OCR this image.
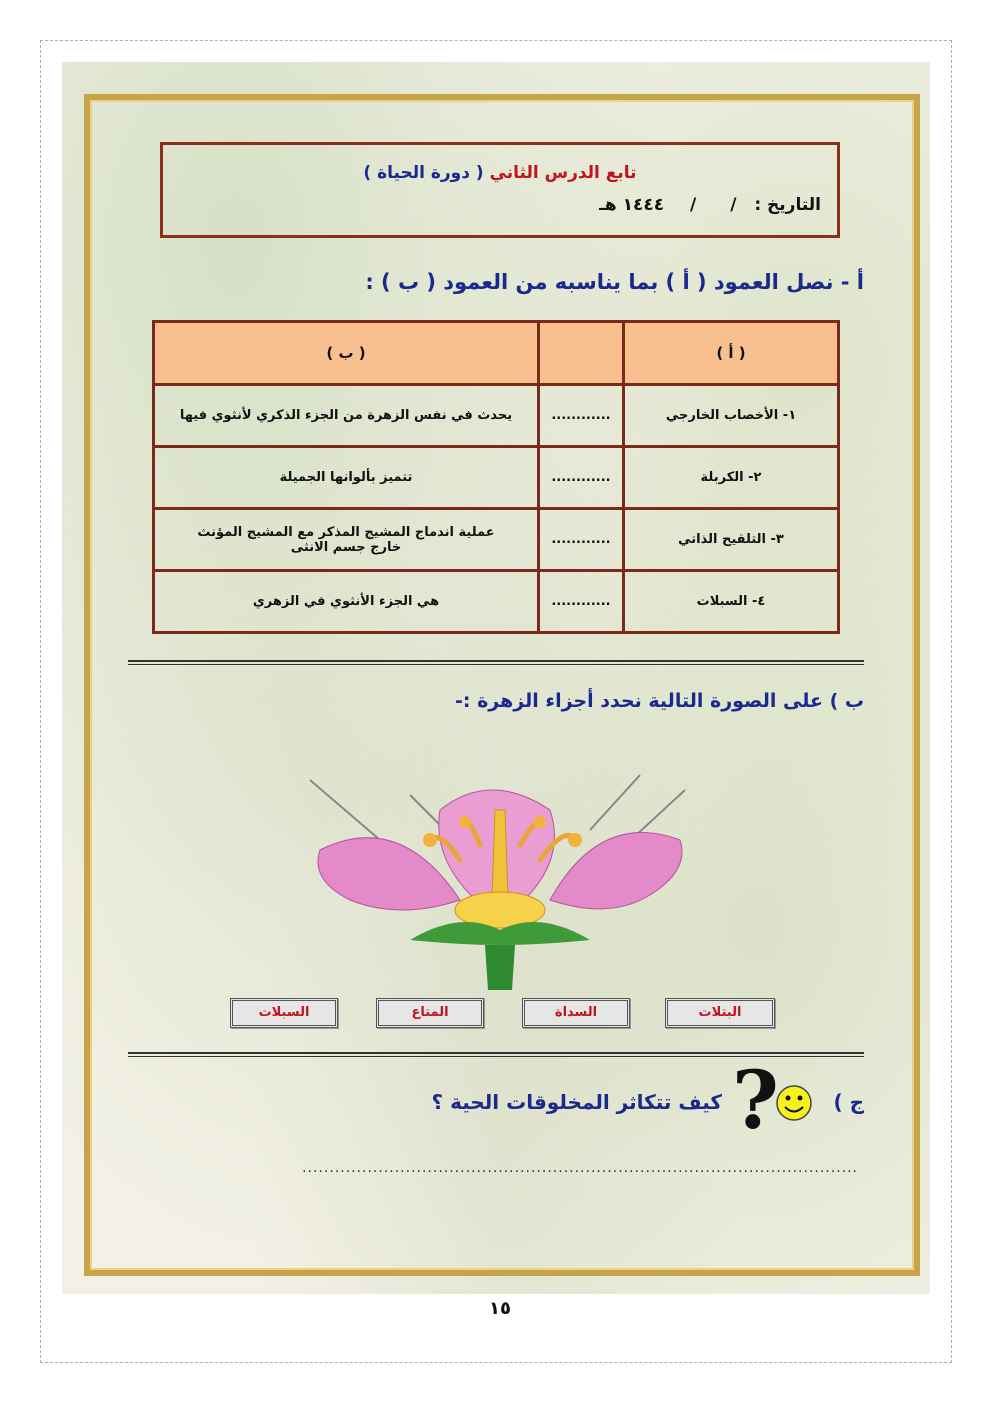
تابع الدرس الثاني ( دورة الحياة )
التاريخ : / / ١٤٤٤ هـ
أ - نصل العمود ( أ ) بما يناسبه من العمود ( ب ) :
( أ )		( ب )
١- الأخصاب الخارجي	............	يحدث في نفس الزهرة من الجزء الذكري لأنثوي فيها
٢- الكربلة	............	تتميز بألوانها الجميلة
٣- التلقيح الذاتي	............	عملية اندماج المشيج المذكر مع المشيج المؤنث خارج جسم الانثى
٤- السبلات	............	هي الجزء الأنثوي في الزهري
ب ) على الصورة التالية نحدد أجزاء الزهرة :-
البتلات
السداة
المتاع
السبلات
ج )
?
كيف تتكاثر المخلوقات الحية ؟
......................................................................................................
١٥
